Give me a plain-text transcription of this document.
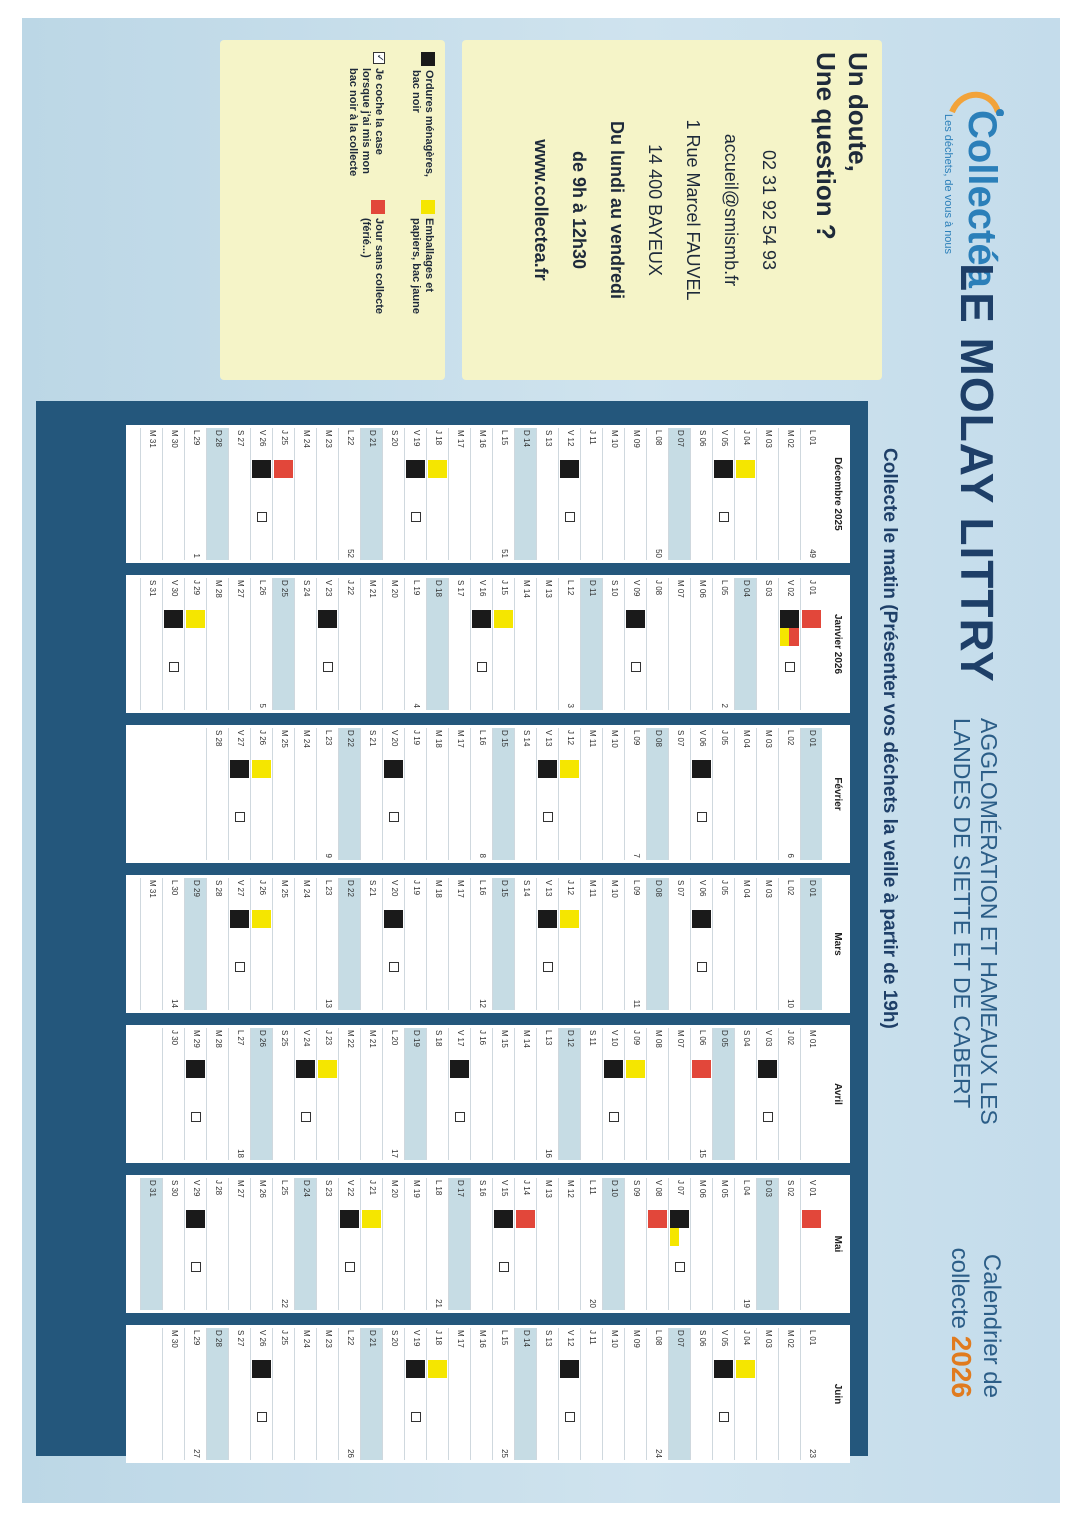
Collectéa
Les déchets, de vous à nous
LE MOLAY LITTRY
AGGLOMÉRATION ET HAMEAUX LES LANDES DE SIETTE ET DE CABERT
Calendrier de collecte 2026
Collecte le matin (Présenter vos déchets la veille à partir de 19h)
Un doute,
Une question ?
02 31 92 54 93
accueil@smismb.fr
1 Rue Marcel FAUVEL
14 400 BAYEUX
Du lundi au vendredi
de 9h à 12h30
www.collectea.fr
Ordures ménagères, bac noir
Emballages et papiers, bac jaune
✓Je coche la case lorsque j'ai mis mon bac noir à la collecte
Jour sans collecte (férié...)
Décembre 2025
L 01
49
M 02
M 03
J 04
V 05
S 06
D 07
L 08
50
M 09
M 10
J 11
V 12
S 13
D 14
L 15
51
M 16
M 17
J 18
V 19
S 20
D 21
L 22
52
M 23
M 24
J 25
V 26
S 27
D 28
L 29
1
M 30
M 31
Janvier 2026
J 01
V 02
S 03
D 04
L 05
2
M 06
M 07
J 08
V 09
S 10
D 11
L 12
3
M 13
M 14
J 15
V 16
S 17
D 18
L 19
4
M 20
M 21
J 22
V 23
S 24
D 25
L 26
5
M 27
M 28
J 29
V 30
S 31
Février
D 01
L 02
6
M 03
M 04
J 05
V 06
S 07
D 08
L 09
7
M 10
M 11
J 12
V 13
S 14
D 15
L 16
8
M 17
M 18
J 19
V 20
S 21
D 22
L 23
9
M 24
M 25
J 26
V 27
S 28
Mars
D 01
L 02
10
M 03
M 04
J 05
V 06
S 07
D 08
L 09
11
M 10
M 11
J 12
V 13
S 14
D 15
L 16
12
M 17
M 18
J 19
V 20
S 21
D 22
L 23
13
M 24
M 25
J 26
V 27
S 28
D 29
L 30
14
M 31
Avril
M 01
J 02
V 03
S 04
D 05
L 06
15
M 07
M 08
J 09
V 10
S 11
D 12
L 13
16
M 14
M 15
J 16
V 17
S 18
D 19
L 20
17
M 21
M 22
J 23
V 24
S 25
D 26
L 27
18
M 28
M 29
J 30
Mai
V 01
S 02
D 03
L 04
19
M 05
M 06
J 07
V 08
S 09
D 10
L 11
20
M 12
M 13
J 14
V 15
S 16
D 17
L 18
21
M 19
M 20
J 21
V 22
S 23
D 24
L 25
22
M 26
M 27
J 28
V 29
S 30
D 31
Juin
L 01
23
M 02
M 03
J 04
V 05
S 06
D 07
L 08
24
M 09
M 10
J 11
V 12
S 13
D 14
L 15
25
M 16
M 17
J 18
V 19
S 20
D 21
L 22
26
M 23
M 24
J 25
V 26
S 27
D 28
L 29
27
M 30
